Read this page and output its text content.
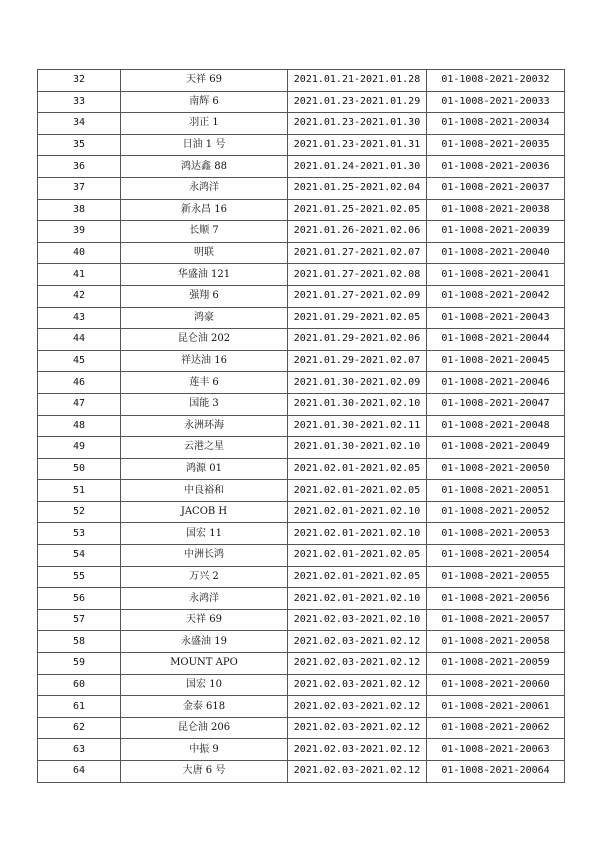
32	天祥 69	2021.01.21-2021.01.28	01-1008-2021-20032
33	南辉 6	2021.01.23-2021.01.29	01-1008-2021-20033
34	羽正 1	2021.01.23-2021.01.30	01-1008-2021-20034
35	日油 1 号	2021.01.23-2021.01.31	01-1008-2021-20035
36	鸿达鑫 88	2021.01.24-2021.01.30	01-1008-2021-20036
37	永鸿洋	2021.01.25-2021.02.04	01-1008-2021-20037
38	新永昌 16	2021.01.25-2021.02.05	01-1008-2021-20038
39	长顺 7	2021.01.26-2021.02.06	01-1008-2021-20039
40	明联	2021.01.27-2021.02.07	01-1008-2021-20040
41	华盛油 121	2021.01.27-2021.02.08	01-1008-2021-20041
42	强翔 6	2021.01.27-2021.02.09	01-1008-2021-20042
43	鸿豪	2021.01.29-2021.02.05	01-1008-2021-20043
44	昆仑油 202	2021.01.29-2021.02.06	01-1008-2021-20044
45	祥达油 16	2021.01.29-2021.02.07	01-1008-2021-20045
46	莲丰 6	2021.01.30-2021.02.09	01-1008-2021-20046
47	国能 3	2021.01.30-2021.02.10	01-1008-2021-20047
48	永洲环海	2021.01.30-2021.02.11	01-1008-2021-20048
49	云港之星	2021.01.30-2021.02.10	01-1008-2021-20049
50	鸿源 01	2021.02.01-2021.02.05	01-1008-2021-20050
51	中良裕和	2021.02.01-2021.02.05	01-1008-2021-20051
52	JACOB H	2021.02.01-2021.02.10	01-1008-2021-20052
53	国宏 11	2021.02.01-2021.02.10	01-1008-2021-20053
54	中洲长鸿	2021.02.01-2021.02.05	01-1008-2021-20054
55	万兴 2	2021.02.01-2021.02.05	01-1008-2021-20055
56	永鸿洋	2021.02.01-2021.02.10	01-1008-2021-20056
57	天祥 69	2021.02.03-2021.02.10	01-1008-2021-20057
58	永盛油 19	2021.02.03-2021.02.12	01-1008-2021-20058
59	MOUNT APO	2021.02.03-2021.02.12	01-1008-2021-20059
60	国宏 10	2021.02.03-2021.02.12	01-1008-2021-20060
61	金泰 618	2021.02.03-2021.02.12	01-1008-2021-20061
62	昆仑油 206	2021.02.03-2021.02.12	01-1008-2021-20062
63	中振 9	2021.02.03-2021.02.12	01-1008-2021-20063
64	大唐 6 号	2021.02.03-2021.02.12	01-1008-2021-20064
